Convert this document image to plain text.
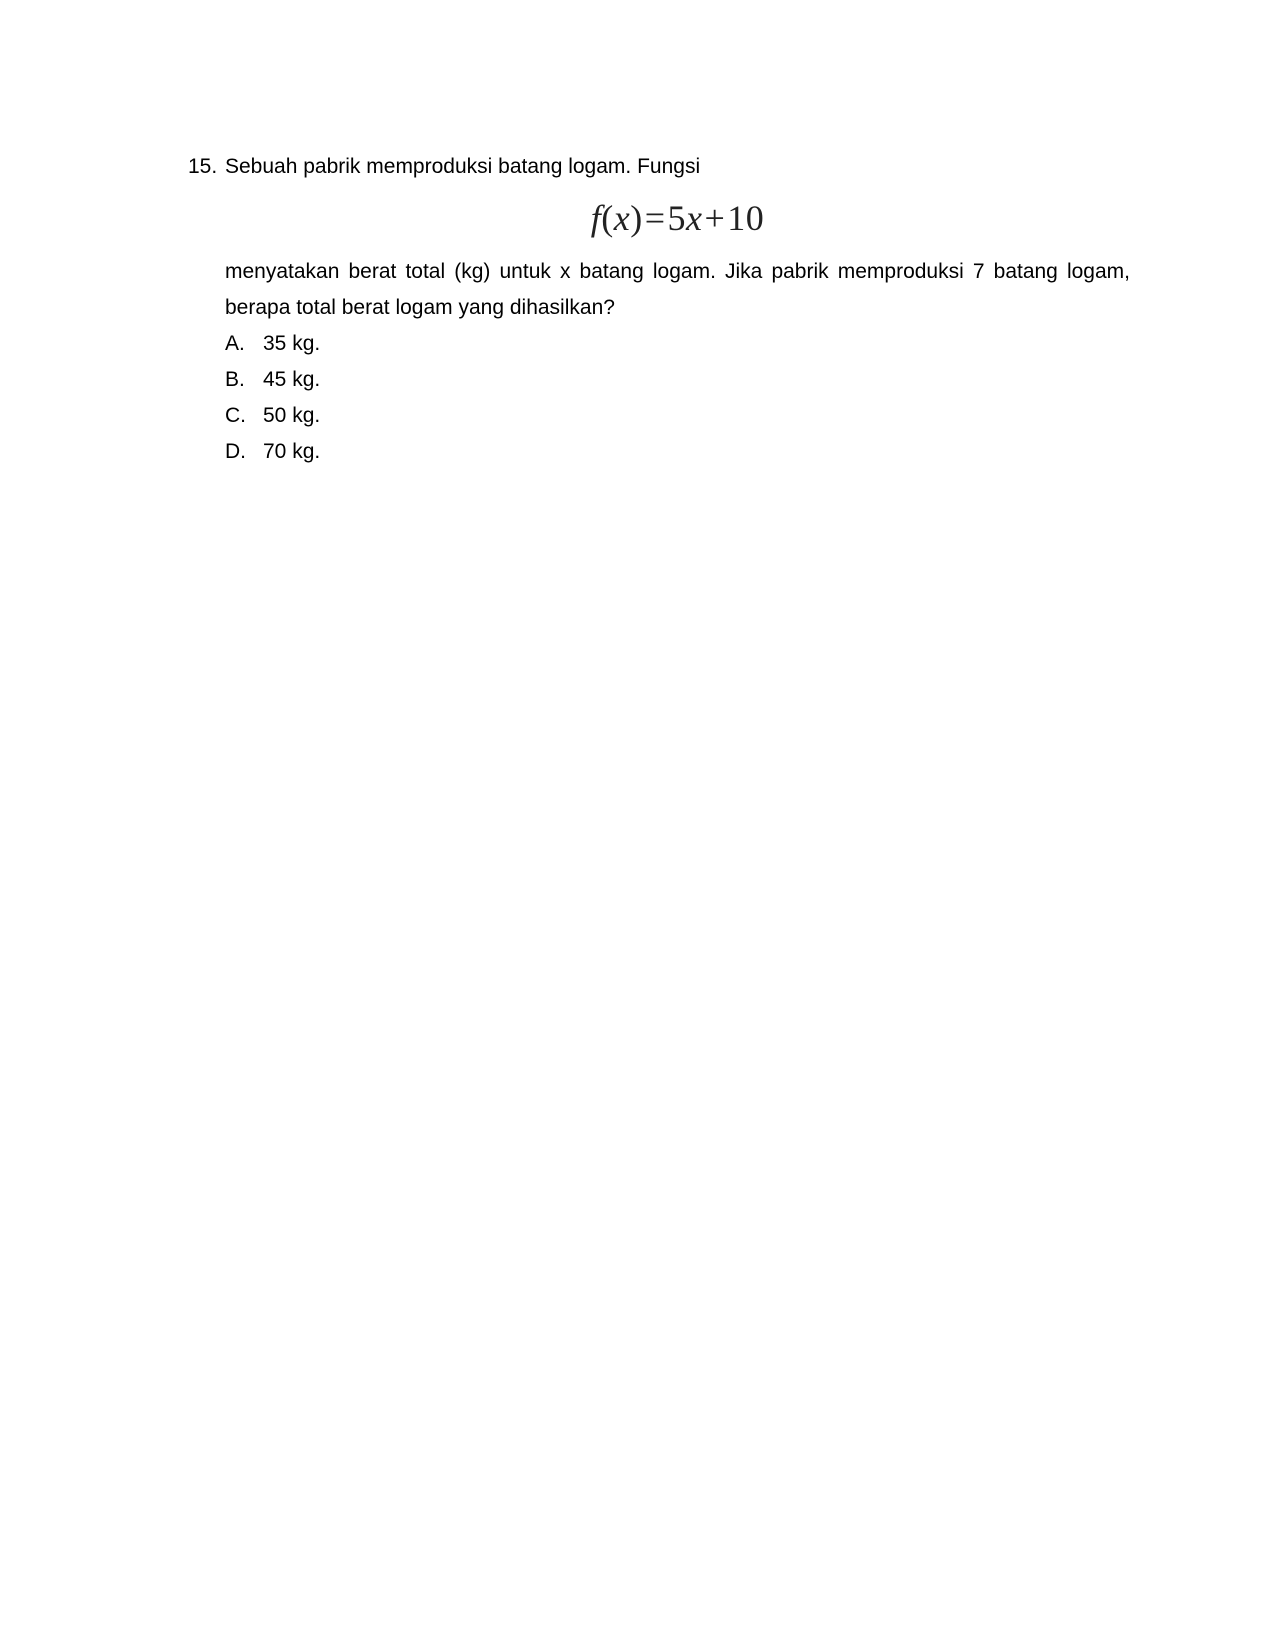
15. Sebuah pabrik memproduksi batang logam. Fungsi
f ( x ) = 5 x + 10
menyatakan berat total (kg) untuk x batang logam. Jika pabrik memproduksi 7 batang logam, berapa total berat logam yang dihasilkan?
A. 35 kg.
B. 45 kg.
C. 50 kg.
D. 70 kg.
